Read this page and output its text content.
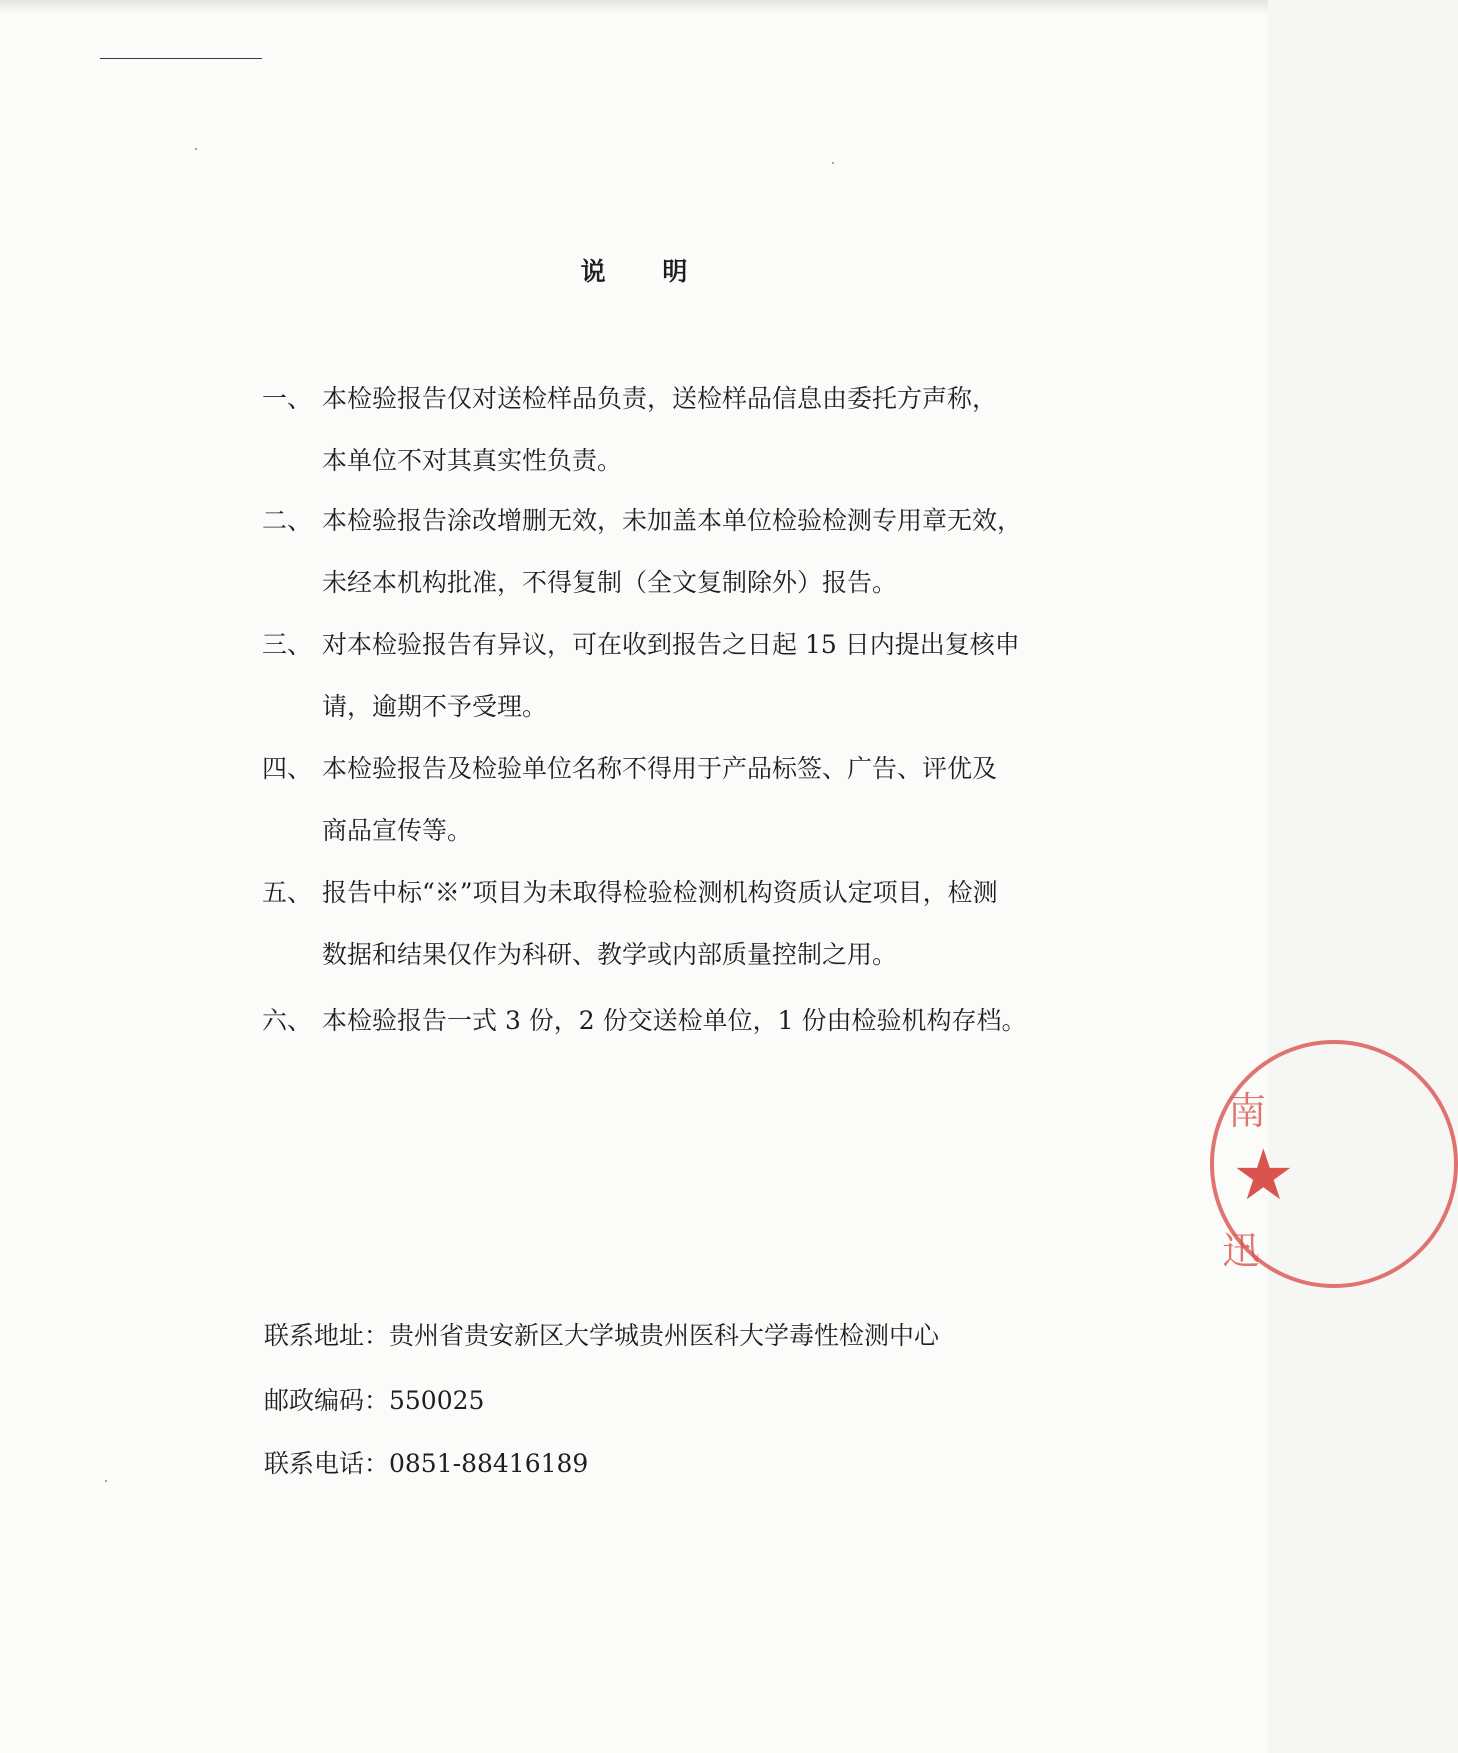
说 明
一、 本检验报告仅对送检样品负责，送检样品信息由委托方声称，
本单位不对其真实性负责。
二、 本检验报告涂改增删无效，未加盖本单位检验检测专用章无效，
未经本机构批准，不得复制（全文复制除外）报告。
三、 对本检验报告有异议，可在收到报告之日起 15 日内提出复核申
请，逾期不予受理。
四、 本检验报告及检验单位名称不得用于产品标签、广告、评优及
商品宣传等。
五、 报告中标“※”项目为未取得检验检测机构资质认定项目，检测
数据和结果仅作为科研、教学或内部质量控制之用。
六、 本检验报告一式 3 份，2 份交送检单位，1 份由检验机构存档。
联系地址：贵州省贵安新区大学城贵州医科大学毒性检测中心
邮政编码：550025
联系电话：0851-88416189
★
南
迅
